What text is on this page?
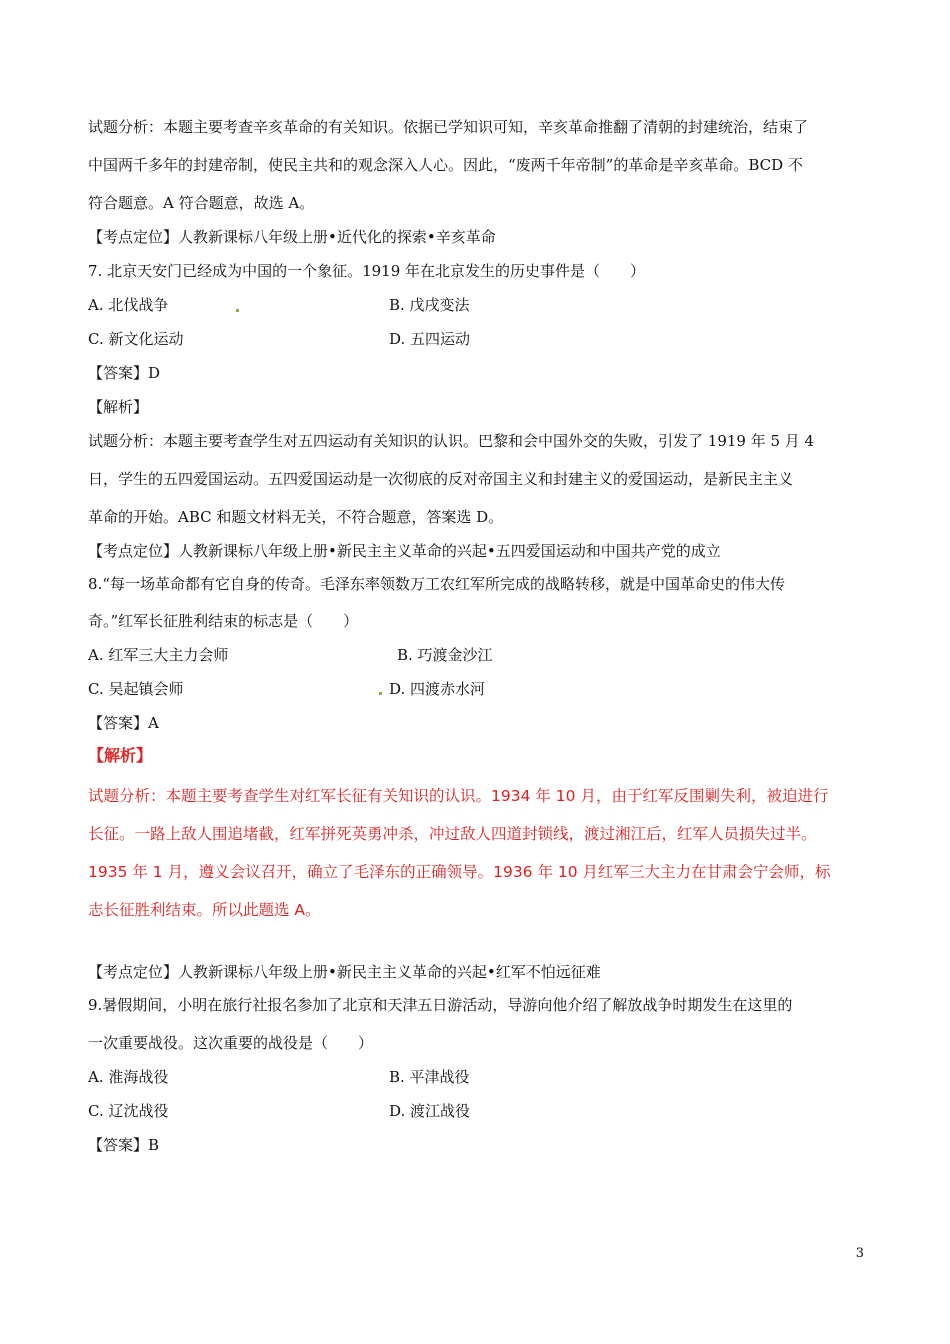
试题分析：本题主要考查辛亥革命的有关知识。依据已学知识可知，辛亥革命推翻了清朝的封建统治，结束了
中国两千多年的封建帝制，使民主共和的观念深入人心。因此，“废两千年帝制”的革命是辛亥革命。BCD 不
符合题意。A 符合题意，故选 A。
【考点定位】人教新课标八年级上册•近代化的探索•辛亥革命
7. 北京天安门已经成为中国的一个象征。1919 年在北京发生的历史事件是（　　）
A. 北伐战争	B. 戊戌变法
C. 新文化运动	D. 五四运动
【答案】D
【解析】
试题分析：本题主要考查学生对五四运动有关知识的认识。巴黎和会中国外交的失败，引发了 1919 年 5 月 4
日，学生的五四爱国运动。五四爱国运动是一次彻底的反对帝国主义和封建主义的爱国运动，是新民主主义
革命的开始。ABC 和题文材料无关，不符合题意，答案选 D。
【考点定位】人教新课标八年级上册•新民主主义革命的兴起•五四爱国运动和中国共产党的成立
8.“每一场革命都有它自身的传奇。毛泽东率领数万工农红军所完成的战略转移，就是中国革命史的伟大传
奇。”红军长征胜利结束的标志是（　　）
A. 红军三大主力会师	B. 巧渡金沙江
C. 吴起镇会师	D. 四渡赤水河
【答案】A
【解析】
试题分析：本题主要考查学生对红军长征有关知识的认识。1934 年 10 月，由于红军反围剿失利，被迫进行
长征。一路上敌人围追堵截，红军拼死英勇冲杀，冲过敌人四道封锁线，渡过湘江后，红军人员损失过半。
1935 年 1 月，遵义会议召开，确立了毛泽东的正确领导。1936 年 10 月红军三大主力在甘肃会宁会师，标
志长征胜利结束。所以此题选 A。
【考点定位】人教新课标八年级上册•新民主主义革命的兴起•红军不怕远征难
9.暑假期间，小明在旅行社报名参加了北京和天津五日游活动，导游向他介绍了解放战争时期发生在这里的
一次重要战役。这次重要的战役是（　　）
A. 淮海战役	B. 平津战役
C. 辽沈战役	D. 渡江战役
【答案】B
3
